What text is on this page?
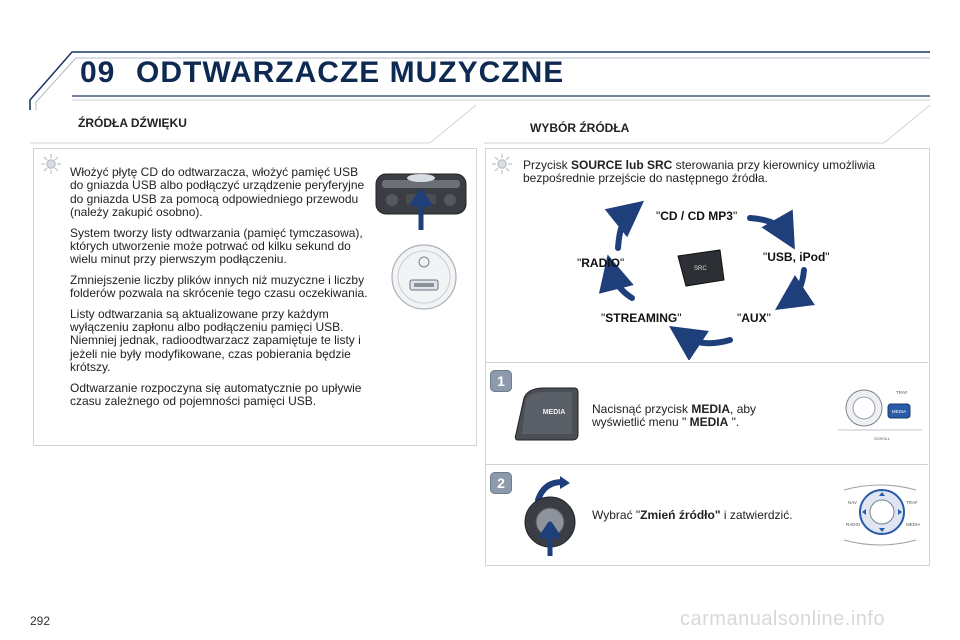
09 ODTWARZACZE MUZYCZNE
ŹRÓDŁA DŹWIĘKU

Włożyć płytę CD do odtwarzacza, włożyć pamięć USB do gniazda USB albo podłączyć urządzenie peryferyjne do gniazda USB za pomocą odpowiedniego przewodu (należy zakupić osobno).

System tworzy listy odtwarzania (pamięć tymczasowa), których utworzenie może potrwać od kilku sekund do wielu minut przy pierwszym podłączeniu.

Zmniejszenie liczby plików innych niż muzyczne i liczby folderów pozwala na skrócenie tego czasu oczekiwania.

Listy odtwarzania są aktualizowane przy każdym wyłączeniu zapłonu albo podłączeniu pamięci USB. Niemniej jednak, radioodtwarzacz zapamiętuje te listy i jeżeli nie były modyfikowane, czas pobierania będzie krótszy.

Odtwarzanie rozpoczyna się automatycznie po upływie czasu zależnego od pojemności pamięci USB.

WYBÓR ŹRÓDŁA
Przycisk SOURCE lub SRC sterowania przy kierownicy umożliwia bezpośrednie przejście do następnego źródła.
SRC
"CD / CD MP3"
"USB, iPod"
"AUX"
"STREAMING"
"RADIO"
1
MEDIA Nacisnąć przycisk MEDIA, aby wyświetlić menu " MEDIA ".
MEDIA
TRAF
SCROLL
2
Wybrać "Zmień źródło" i zatwierdzić.
NAV	TRAF
RADIO	MEDIA
292	carmanualsonline.info
